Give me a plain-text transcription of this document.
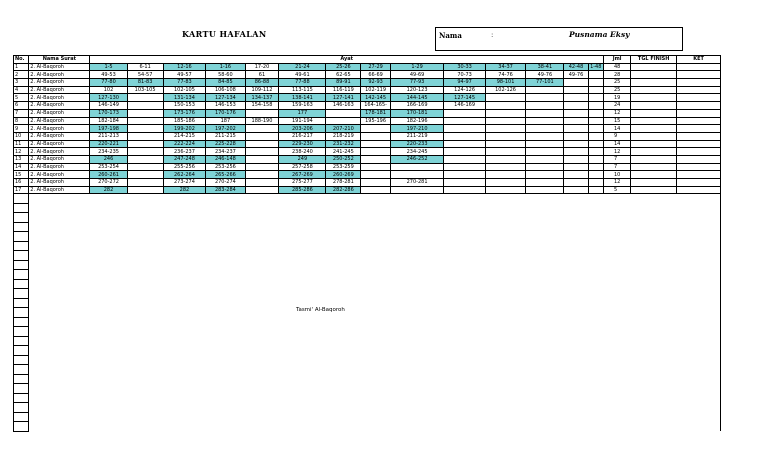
KARTU HAFALAN	Nama	:	Pusnama Eksy
No.	Nama Surat	Ayat														Jml	TGL FINISH	KET
1	2. Al-Baqoroh	1-5	6-11	12-16	1-16	17-20	21-24	25-26	27-29	1-29	30-33	34-37	38-41	42-48	1-48	48		
2	2. Al-Baqoroh	49-53	54-57	49-57	58-60	61	49-61	62-65	66-69	49-69	70-73	74-76	49-76	49-76		28		
3	2. Al-Baqoroh	77-80	81-83	77-83	84-85	86-88	77-88	89-91	92-93	77-93	94-97	98-101	77-101			25		
4	2. Al-Baqoroh	102	103-105	102-105	106-108	109-112	113-115	116-119	102-119	120-123	124-126	102-126				25		
5	2. Al-Baqoroh	127-130		131-134	127-134	134-137	138-141	127-141	142-145	144-145	127-145					19		
6	2. Al-Baqoroh	146-149		150-153	146-153	154-158	159-163	146-163	164-165-	166-169	146-169					24		
7	2. Al-Baqoroh	170-173		173-176	170-176		177		178-181	170-181						12		
8	2. Al-Baqoroh	182-184		185-186	187	188-190	191-194		195-196	182-196						15		
9	2. Al-Baqoroh	197-198		199-202	197-202		203-206	207-210		197-210						14		
10	2. Al-Baqoroh	211-213		214-215	211-215		216-217	218-219		211-219						9		
11	2. Al-Baqoroh	220-221		222-224	225-228		229-230	231-232		220-233						14		
12	2. Al-Baqoroh	234-235		236-237	234-237		238-240	241-245		234-245						12		
13	2. Al-Baqoroh	246		247-248	246-148		249	250-252		246-252						7		
14	2. Al-Baqoroh	253-254		255-256	253-256		257-258	253-259								7		
15	2. Al-Baqoroh	260-261		262-264	265-266		267-269	260-269								10		
16	2. Al-Baqoroh	270-272		273-274	270-274		275-277	278-281		270-281						12		
17	2. Al-Baqoroh	282		282	283-284		285-286	282-286								5		

Tasmi' Al-Baqoroh
